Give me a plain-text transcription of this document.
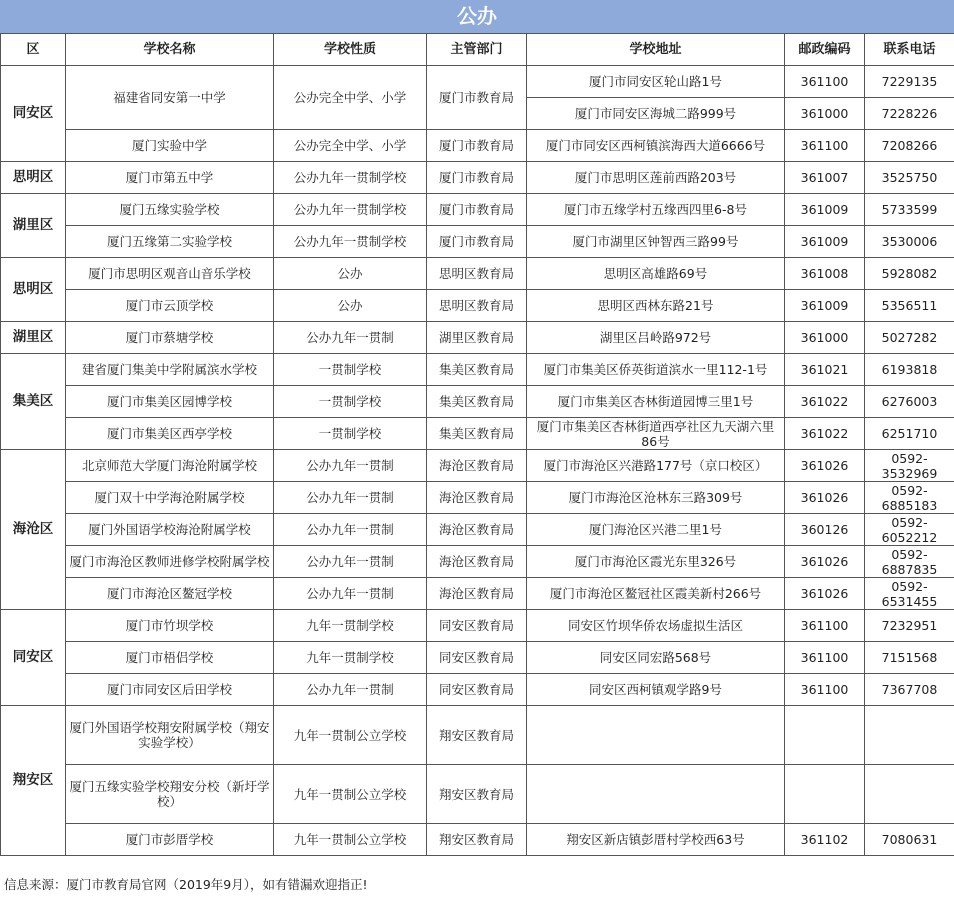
公办
区	学校名称	学校性质	主管部门	学校地址	邮政编码	联系电话
同安区	福建省同安第一中学	公办完全中学、小学	厦门市教育局	厦门市同安区轮山路1号	361100	7229135
				厦门市同安区海城二路999号	361000	7228226
	厦门实验中学	公办完全中学、小学	厦门市教育局	厦门市同安区西柯镇滨海西大道6666号	361100	7208266
思明区	厦门市第五中学	公办九年一贯制学校	厦门市教育局	厦门市思明区莲前西路203号	361007	3525750
湖里区	厦门五缘实验学校	公办九年一贯制学校	厦门市教育局	厦门市五缘学村五缘西四里6-8号	361009	5733599
	厦门五缘第二实验学校	公办九年一贯制学校	厦门市教育局	厦门市湖里区钟智西三路99号	361009	3530006
思明区	厦门市思明区观音山音乐学校	公办	思明区教育局	思明区高雄路69号	361008	5928082
	厦门市云顶学校	公办	思明区教育局	思明区西林东路21号	361009	5356511
湖里区	厦门市蔡塘学校	公办九年一贯制	湖里区教育局	湖里区吕岭路972号	361000	5027282
集美区	建省厦门集美中学附属滨水学校	一贯制学校	集美区教育局	厦门市集美区侨英街道滨水一里112-1号	361021	6193818
	厦门市集美区园博学校	一贯制学校	集美区教育局	厦门市集美区杏林街道园博三里1号	361022	6276003
	厦门市集美区西亭学校	一贯制学校	集美区教育局	厦门市集美区杏林街道西亭社区九天湖六里86号	361022	6251710
海沧区	北京师范大学厦门海沧附属学校	公办九年一贯制	海沧区教育局	厦门市海沧区兴港路177号（京口校区）	361026	0592-3532969
	厦门双十中学海沧附属学校	公办九年一贯制	海沧区教育局	厦门市海沧区沧林东三路309号	361026	0592-6885183
	厦门外国语学校海沧附属学校	公办九年一贯制	海沧区教育局	厦门海沧区兴港二里1号	360126	0592-6052212
	厦门市海沧区教师进修学校附属学校	公办九年一贯制	海沧区教育局	厦门市海沧区霞光东里326号	361026	0592-6887835
	厦门市海沧区鳌冠学校	公办九年一贯制	海沧区教育局	厦门市海沧区鳌冠社区霞美新村266号	361026	0592-6531455
同安区	厦门市竹坝学校	九年一贯制学校	同安区教育局	同安区竹坝华侨农场虚拟生活区	361100	7232951
	厦门市梧侣学校	九年一贯制学校	同安区教育局	同安区同宏路568号	361100	7151568
	厦门市同安区后田学校	公办九年一贯制	同安区教育局	同安区西柯镇观学路9号	361100	7367708
翔安区	厦门外国语学校翔安附属学校（翔安实验学校）	九年一贯制公立学校	翔安区教育局			
	厦门五缘实验学校翔安分校（新圩学校）	九年一贯制公立学校	翔安区教育局			
	厦门市彭厝学校	九年一贯制公立学校	翔安区教育局	翔安区新店镇彭厝村学校西63号	361102	7080631
信息来源：厦门市教育局官网（2019年9月），如有错漏欢迎指正!
